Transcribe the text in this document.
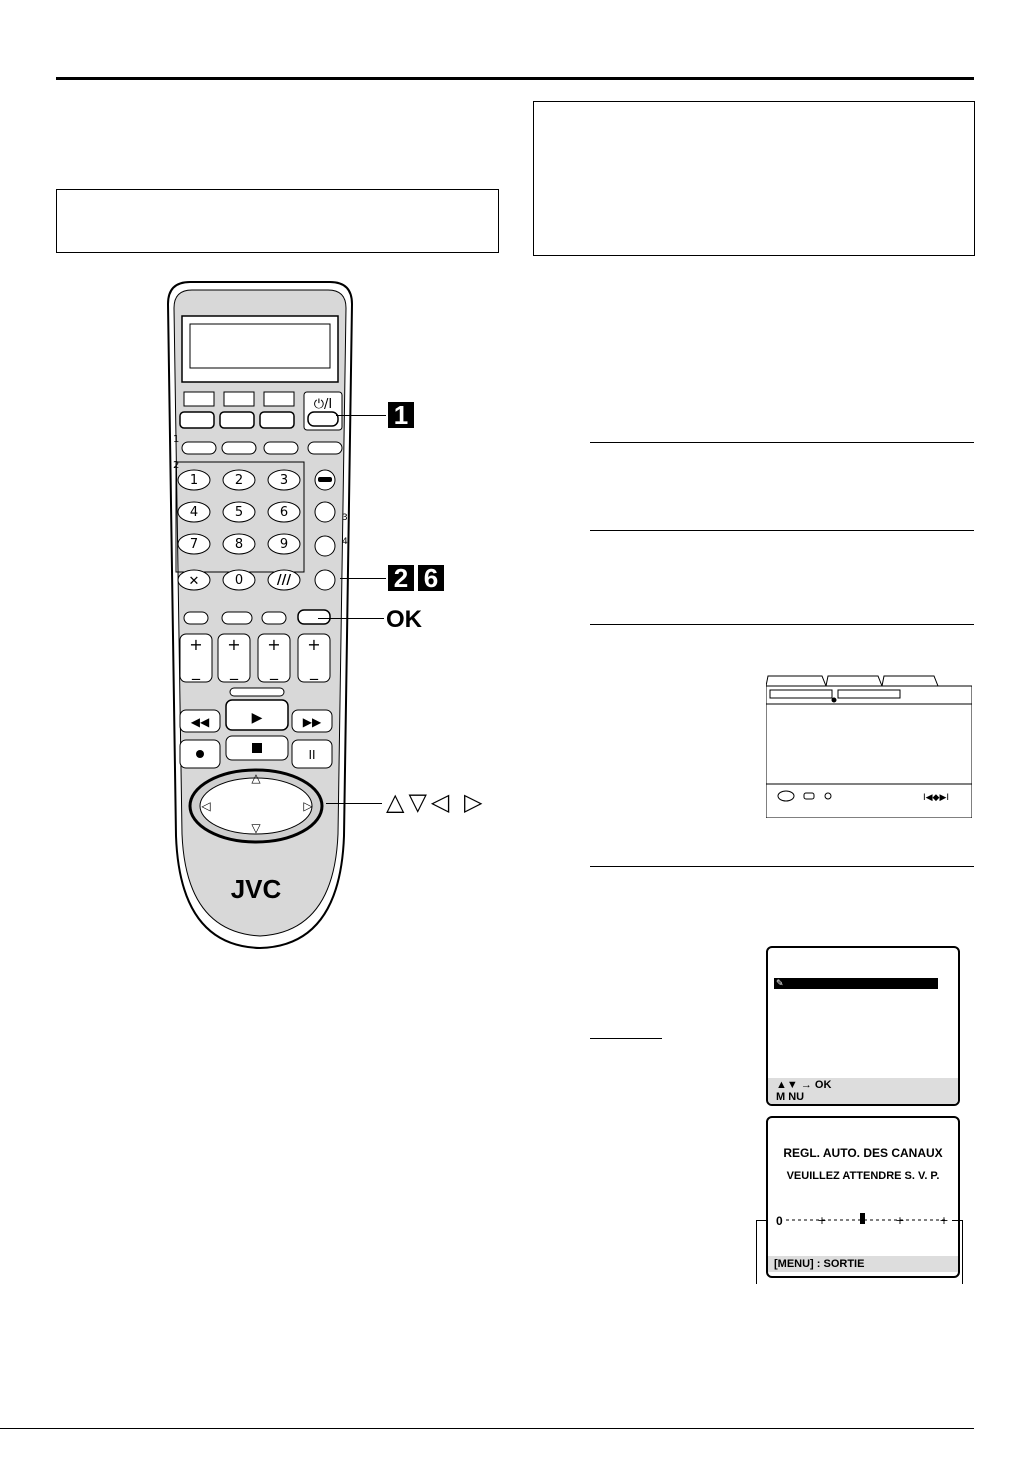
⏻/I
1
2
1	2	3
4	5	6
7	8	9
✕	0	///
3
4
+ + + +
_ _ _ _
◀◀	▶	▶▶
II
△
▽
◁	▷
JVC
1
2 6
OK
△▽◁ ▷	I◀◆▶I
✎
▲▼ → OK
M NU
REGL. AUTO. DES CANAUX
VEUILLEZ ATTENDRE S. V. P.
+	+	+
0
[MENU] : SORTIE
